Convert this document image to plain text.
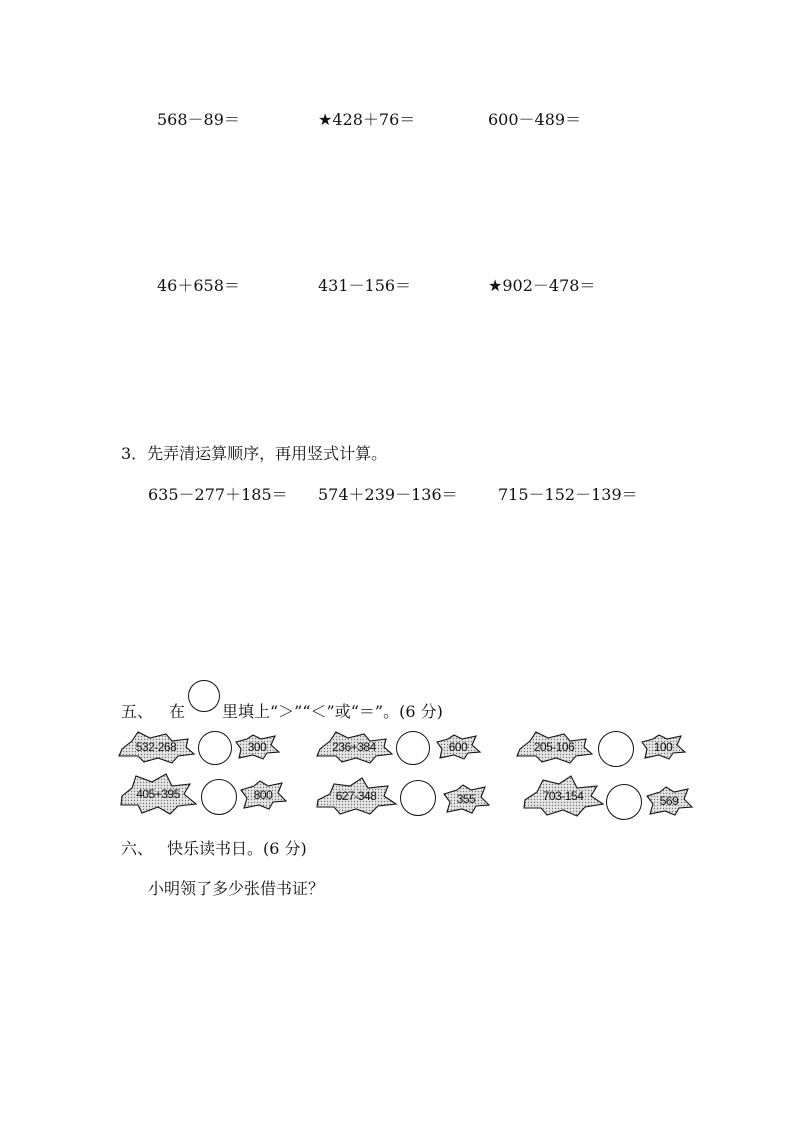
568－89＝	★428＋76＝	600－489＝
46＋658＝	431－156＝	★902－478＝
3．先弄清运算顺序，再用竖式计算。
635－277＋185＝ 574＋239－136＝	715－152－139＝
五、 在 里填上“＞”“＜”或“＝”。(6 分)
532-268	300	236+384	600	205-106	100
405+395	800	627-348	355	703-154	569
六、 快乐读书日。(6 分)
小明领了多少张借书证？
